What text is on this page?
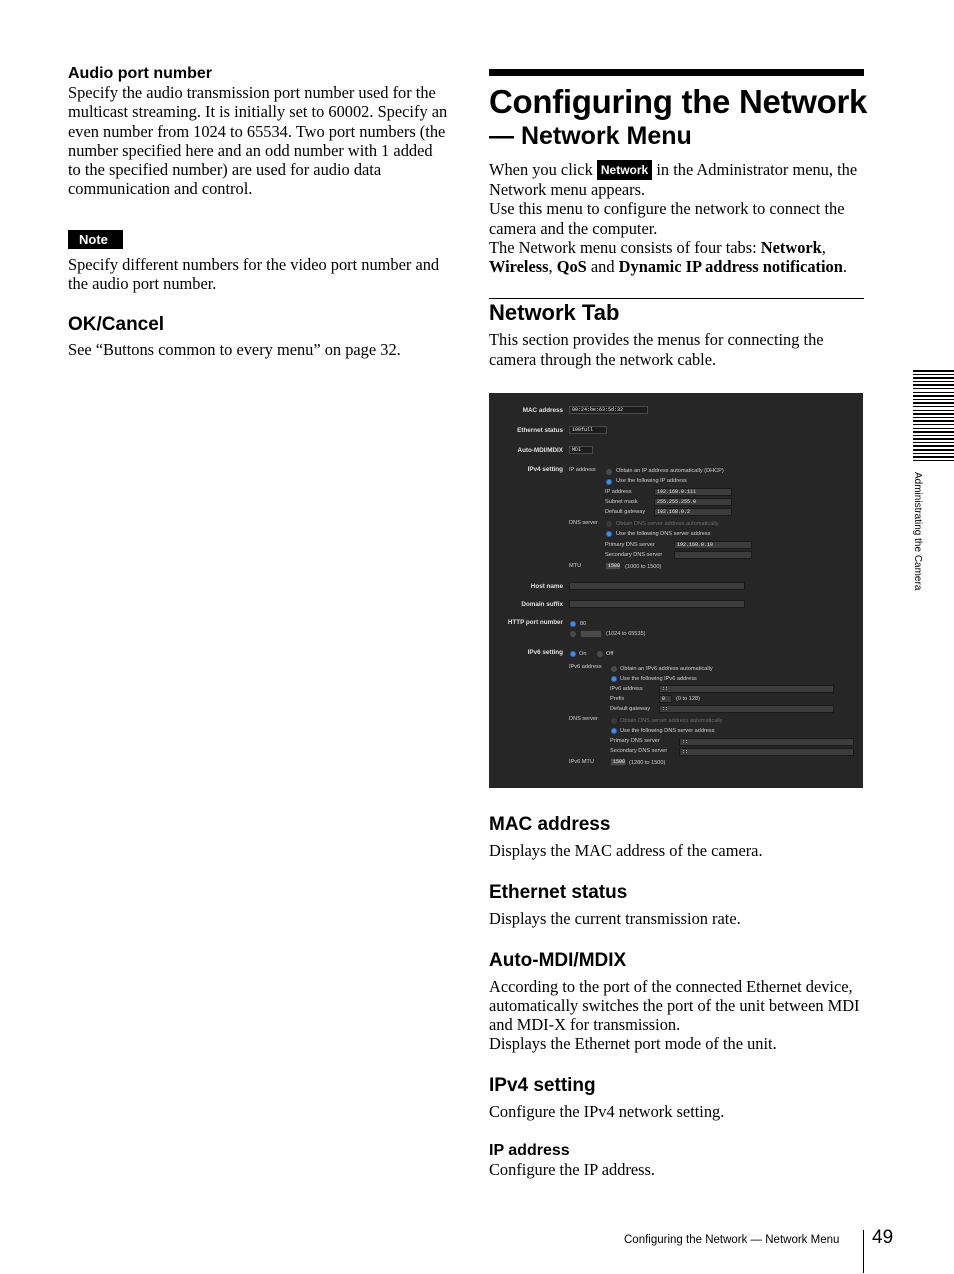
Audio port number

Specify the audio transmission port number used for the multicast streaming. It is initially set to 60002. Specify an even number from 1024 to 65534. Two port numbers (the number specified here and an odd number with 1 added to the specified number) are used for audio data communication and control.

Note

Specify different numbers for the video port number and the audio port number.

OK/Cancel

See “Buttons common to every menu” on page 32.

Configuring the Network

— Network Menu

When you click Network in the Administrator menu, the Network menu appears.

Use this menu to configure the network to connect the camera and the computer.

The Network menu consists of four tabs: Network, Wireless, QoS and Dynamic IP address notification.

Network Tab

This section provides the menus for connecting the camera through the network cable.

MAC address	00:24:be:63:5d:32
Ethernet status	100full
Auto-MDI/MDIX	MDI
IPv4 setting IP address	Obtain an IP address automatically (DHCP)
Use the following IP address
IP address	192.168.0.111
Subnet mask	255.255.255.0
Default gateway	192.168.0.2
DNS server	Obtain DNS server address automatically
Use the following DNS server address
Primary DNS server	192.168.0.10
Secondary DNS server
MTU	1500 (1000 to 1500)
Host name
Domain suffix
HTTP port number	80
(1024 to 65535)
IPv6 setting	On	Off
IPv6 address	Obtain an IPv6 address automatically
Use the following IPv6 address
IPv6 address	::
Prefix	0	(0 to 128)
Default gateway	::
DNS server	Obtain DNS server address automatically
Use the following DNS server address
Primary DNS server	::
Secondary DNS server	::
IPv6 MTU	1500 (1280 to 1500)

MAC address

Displays the MAC address of the camera.

Ethernet status

Displays the current transmission rate.

Auto-MDI/MDIX

According to the port of the connected Ethernet device, automatically switches the port of the unit between MDI and MDI-X for transmission.

Displays the Ethernet port mode of the unit.

IPv4 setting

Configure the IPv4 network setting.

IP address

Configure the IP address.

Administrating the Camera
Configuring the Network — Network Menu 49
